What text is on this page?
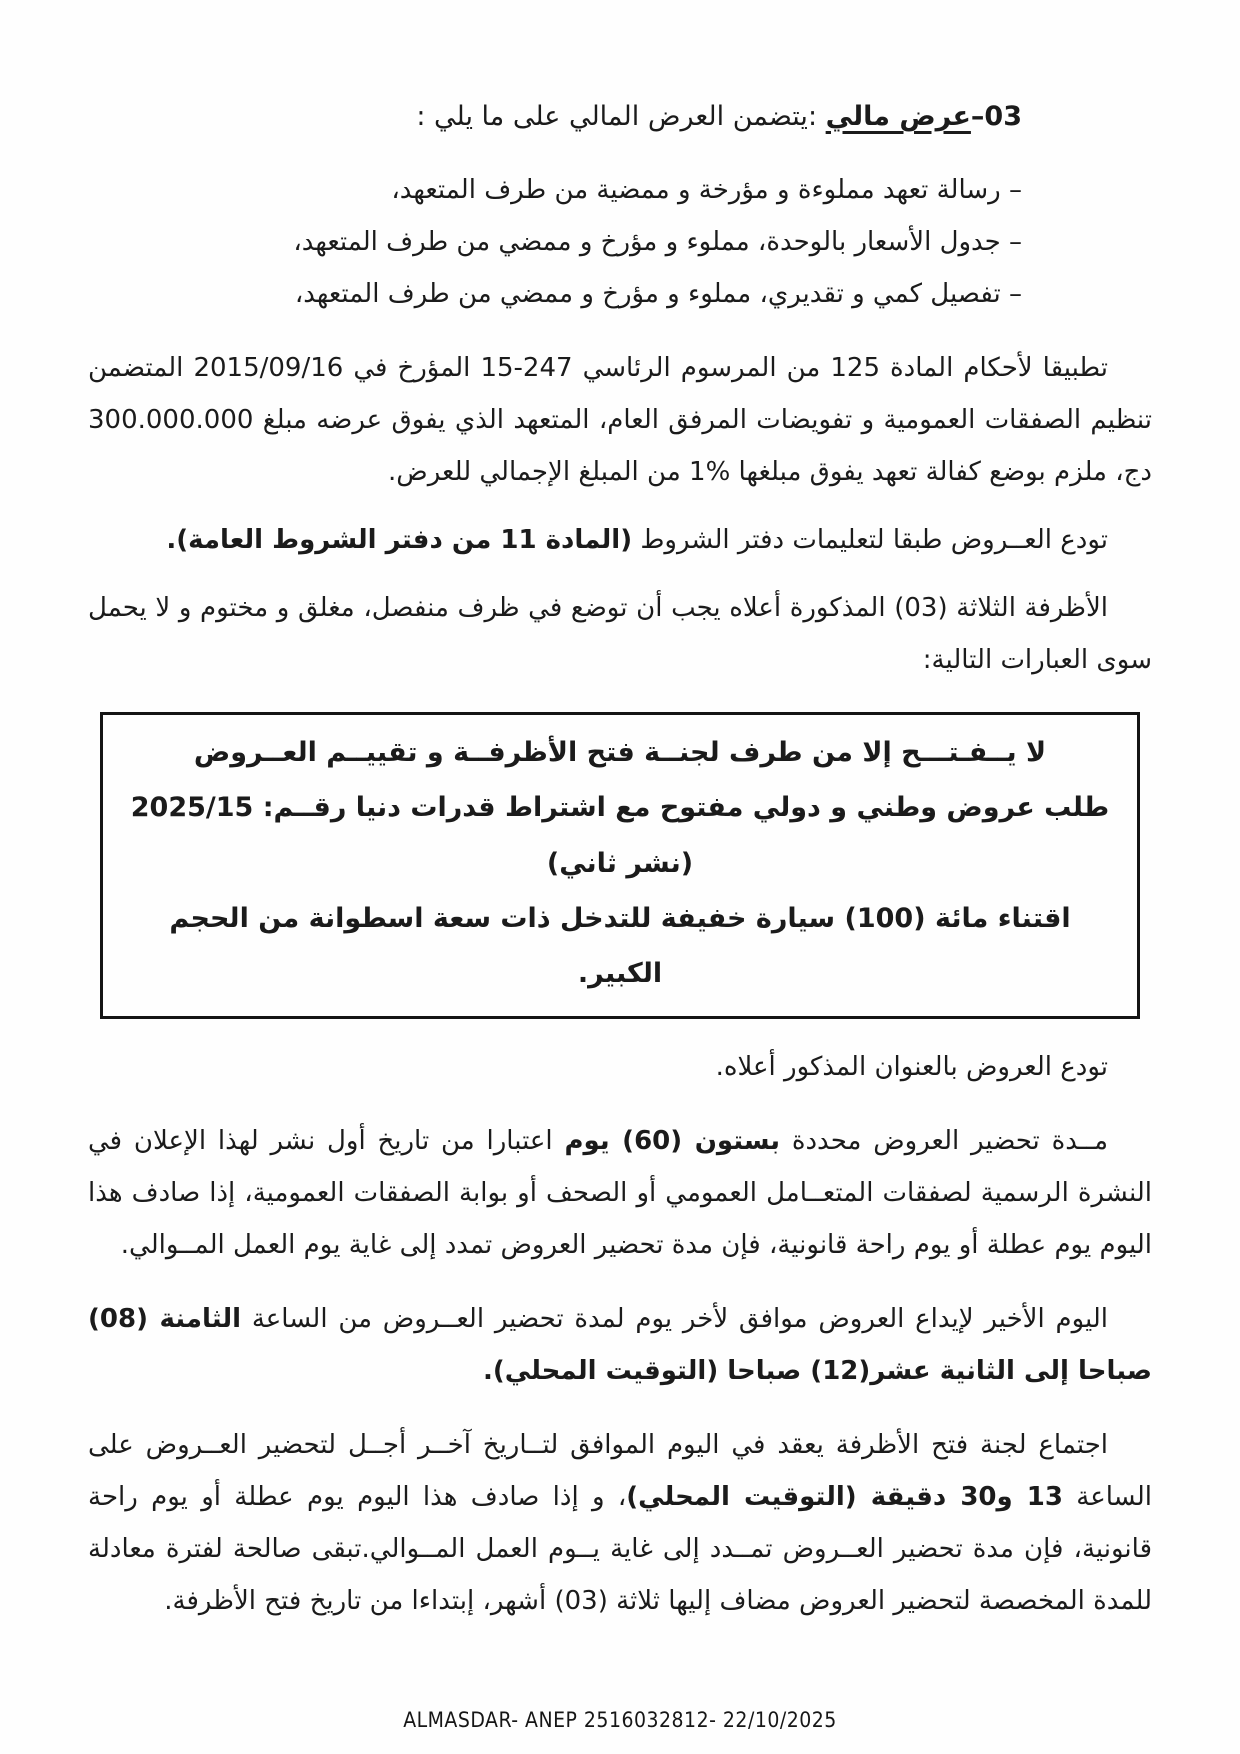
03–عرض مالي :يتضمن العرض المالي على ما يلي :
– رسالة تعهد مملوءة و مؤرخة و ممضية من طرف المتعهد،
– جدول الأسعار بالوحدة، مملوء و مؤرخ و ممضي من طرف المتعهد،
– تفصيل كمي و تقديري، مملوء و مؤرخ و ممضي من طرف المتعهد،
تطبيقا لأحكام المادة 125 من المرسوم الرئاسي 247-15 المؤرخ في 2015/09/16 المتضمن تنظيم الصفقات العمومية و تفويضات المرفق العام، المتعهد الذي يفوق عرضه مبلغ 300.000.000 دج، ملزم بوضع كفالة تعهد يفوق مبلغها %1 من المبلغ الإجمالي للعرض.
تودع العــروض طبقا لتعليمات دفتر الشروط (المادة 11 من دفتر الشروط العامة).
الأظرفة الثلاثة (03) المذكورة أعلاه يجب أن توضع في ظرف منفصل، مغلق و مختوم و لا يحمل سوى العبارات التالية:
لا يــفـتـــح إلا من طرف لجنــة فتح الأظرفــة و تقييــم العــروض
طلب عروض وطني و دولي مفتوح مع اشتراط قدرات دنيا رقــم: 2025/15 (نشر ثاني)
اقتناء مائة (100) سيارة خفيفة للتدخل ذات سعة اسطوانة من الحجم الكبير.
تودع العروض بالعنوان المذكور أعلاه.
مــدة تحضير العروض محددة بستون (60) يوم اعتبارا من تاريخ أول نشر لهذا الإعلان في النشرة الرسمية لصفقات المتعــامل العمومي أو الصحف أو بوابة الصفقات العمومية، إذا صادف هذا اليوم يوم عطلة أو يوم راحة قانونية، فإن مدة تحضير العروض تمدد إلى غاية يوم العمل المــوالي.
اليوم الأخير لإيداع العروض موافق لأخر يوم لمدة تحضير العــروض من الساعة الثامنة (08) صباحا إلى الثانية عشر(12) صباحا (التوقيت المحلي).
اجتماع لجنة فتح الأظرفة يعقد في اليوم الموافق لتــاريخ آخــر أجــل لتحضير العــروض على الساعة 13 و30 دقيقة (التوقيت المحلي)، و إذا صادف هذا اليوم يوم عطلة أو يوم راحة قانونية، فإن مدة تحضير العــروض تمــدد إلى غاية يــوم العمل المــوالي.تبقى صالحة لفترة معادلة للمدة المخصصة لتحضير العروض مضاف إليها ثلاثة (03) أشهر، إبتداءا من تاريخ فتح الأظرفة.
ALMASDAR- ANEP 2516032812- 22/10/2025
